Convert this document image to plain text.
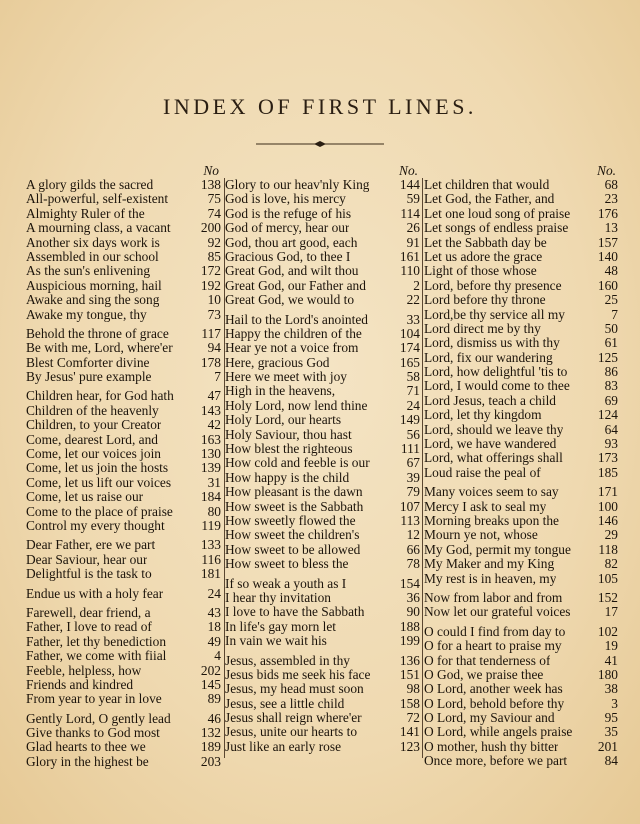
INDEX OF FIRST LINES.
No
A glory gilds the sacred	138
All-powerful, self-existent	75
Almighty Ruler of the	74
A mourning class, a vacant 200
Another six days work is	92
Assembled in our school	85
As the sun's enlivening	172
Auspicious morning, hail	192
Awake and sing the song	10
Awake my tongue, thy	73
Behold the throne of grace 117
Be with me, Lord, where'er	94
Blest Comforter divine	178
By Jesus' pure example	7
Children hear, for God hath	47
Children of the heavenly	143
Children, to your Creator	42
Come, dearest Lord, and	163
Come, let our voices join	130
Come, let us join the hosts 139
Come, let us lift our voices	31
Come, let us raise our	184
Come to the place of praise	80
Control my every thought	119
Dear Father, ere we part	133
Dear Saviour, hear our	116
Delightful is the task to	181
Endue us with a holy fear	24
Farewell, dear friend, a	43
Father, I love to read of	18
Father, let thy benediction	49
Father, we come with fiial	4
Feeble, helpless, how	202
Friends and kindred	145
From year to year in love	89
Gently Lord, O gently lead	46
Give thanks to God most	132
Glad hearts to thee we	189
Glory in the highest be	203
No.
Glory to our heav'nly King 144
God is love, his mercy	59
God is the refuge of his	114
God of mercy, hear our	26
God, thou art good, each	91
Gracious God, to thee I	161
Great God, and wilt thou	110
Great God, our Father and	2
Great God, we would to	22
Hail to the Lord's anointed	33
Happy the children of the	104
Hear ye not a voice from	174
Here, gracious God	165
Here we meet with joy	58
High in the heavens,	71
Holy Lord, now lend thine	24
Holy Lord, our hearts	149
Holy Saviour, thou hast	56
How blest the righteous	111
How cold and feeble is our	67
How happy is the child	39
How pleasant is the dawn	79
How sweet is the Sabbath	107
How sweetly flowed the	113
How sweet the children's	12
How sweet to be allowed	66
How sweet to bless the	78
If so weak a youth as I	154
I hear thy invitation	36
I love to have the Sabbath	90
In life's gay morn let	188
In vain we wait his	199
Jesus, assembled in thy	136
Jesus bids me seek his face 151
Jesus, my head must soon	98
Jesus, see a little child	158
Jesus shall reign where'er	72
Jesus, unite our hearts to	141
Just like an early rose	123
No.
Let children that would	68
Let God, the Father, and	23
Let one loud song of praise 176
Let songs of endless praise	13
Let the Sabbath day be	157
Let us adore the grace	140
Light of those whose	48
Lord, before thy presence	160
Lord before thy throne	25
Lord,be thy service all my	7
Lord direct me by thy	50
Lord, dismiss us with thy	61
Lord, fix our wandering	125
Lord, how delightful 'tis to	86
Lord, I would come to thee	83
Lord Jesus, teach a child	69
Lord, let thy kingdom	124
Lord, should we leave thy	64
Lord, we have wandered	93
Lord, what offerings shall	173
Loud raise the peal of	185
Many voices seem to say	171
Mercy I ask to seal my	100
Morning breaks upon the	146
Mourn ye not, whose	29
My God, permit my tongue 118
My Maker and my King	82
My rest is in heaven, my	105
Now from labor and from	152
Now let our grateful voices	17
O could I find from day to 102
O for a heart to praise my	19
O for that tenderness of	41
O God, we praise thee	180
O Lord, another week has	38
O Lord, behold before thy	3
O Lord, my Saviour and	95
O Lord, while angels praise 35
O mother, hush thy bitter	201
Once more, before we part	84
